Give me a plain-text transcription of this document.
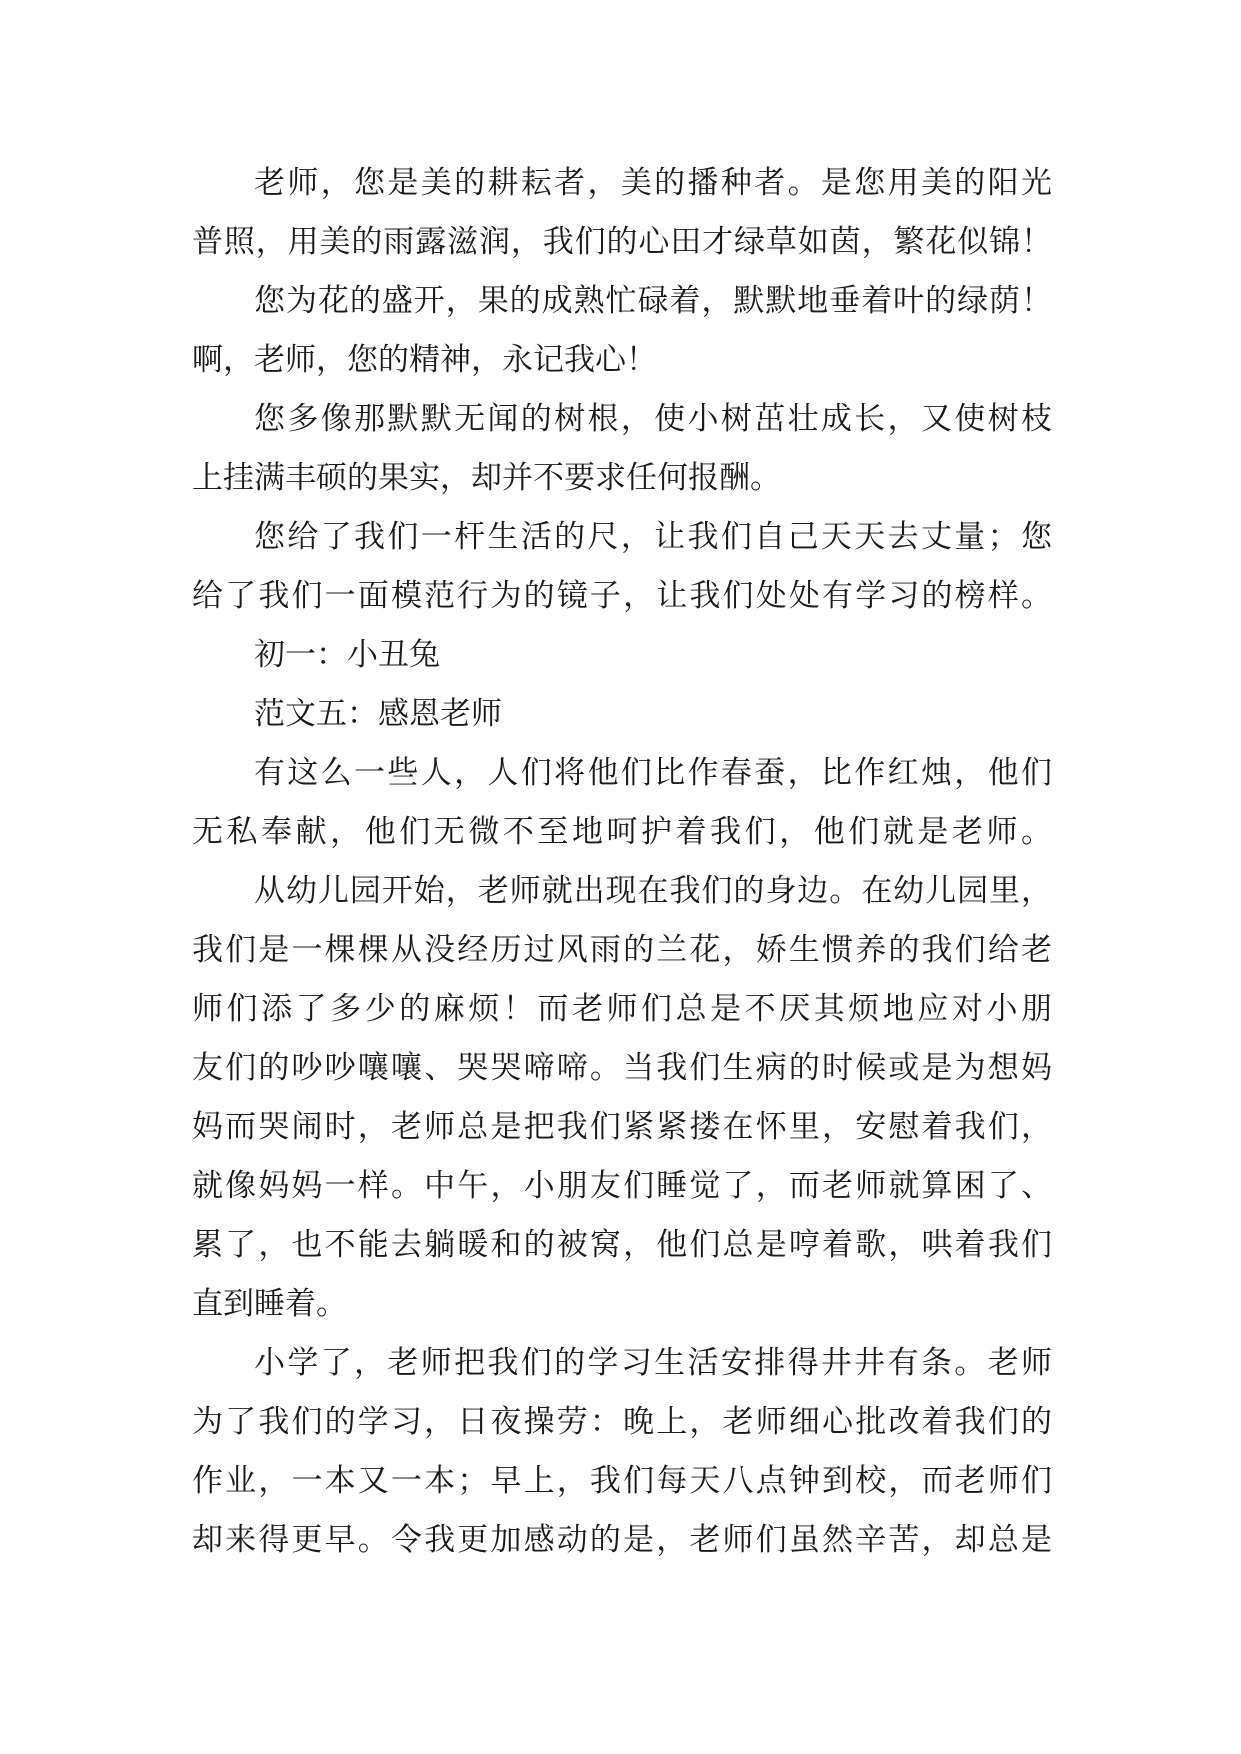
老师，您是美的耕耘者，美的播种者。是您用美的阳光
普照，用美的雨露滋润，我们的心田才绿草如茵，繁花似锦！
您为花的盛开，果的成熟忙碌着，默默地垂着叶的绿荫！
啊，老师，您的精神，永记我心！
您多像那默默无闻的树根，使小树茁壮成长，又使树枝
上挂满丰硕的果实，却并不要求任何报酬。
您给了我们一杆生活的尺，让我们自己天天去丈量；您
给了我们一面模范行为的镜子，让我们处处有学习的榜样。
初一：小丑兔
范文五：感恩老师
有这么一些人，人们将他们比作春蚕，比作红烛，他们
无私奉献，他们无微不至地呵护着我们，他们就是老师。
从幼儿园开始，老师就出现在我们的身边。在幼儿园里，
我们是一棵棵从没经历过风雨的兰花，娇生惯养的我们给老
师们添了多少的麻烦！而老师们总是不厌其烦地应对小朋
友们的吵吵嚷嚷、哭哭啼啼。当我们生病的时候或是为想妈
妈而哭闹时，老师总是把我们紧紧搂在怀里，安慰着我们，
就像妈妈一样。中午，小朋友们睡觉了，而老师就算困了、
累了，也不能去躺暖和的被窝，他们总是哼着歌，哄着我们
直到睡着。
小学了，老师把我们的学习生活安排得井井有条。老师
为了我们的学习，日夜操劳：晚上，老师细心批改着我们的
作业，一本又一本；早上，我们每天八点钟到校，而老师们
却来得更早。令我更加感动的是，老师们虽然辛苦，却总是
